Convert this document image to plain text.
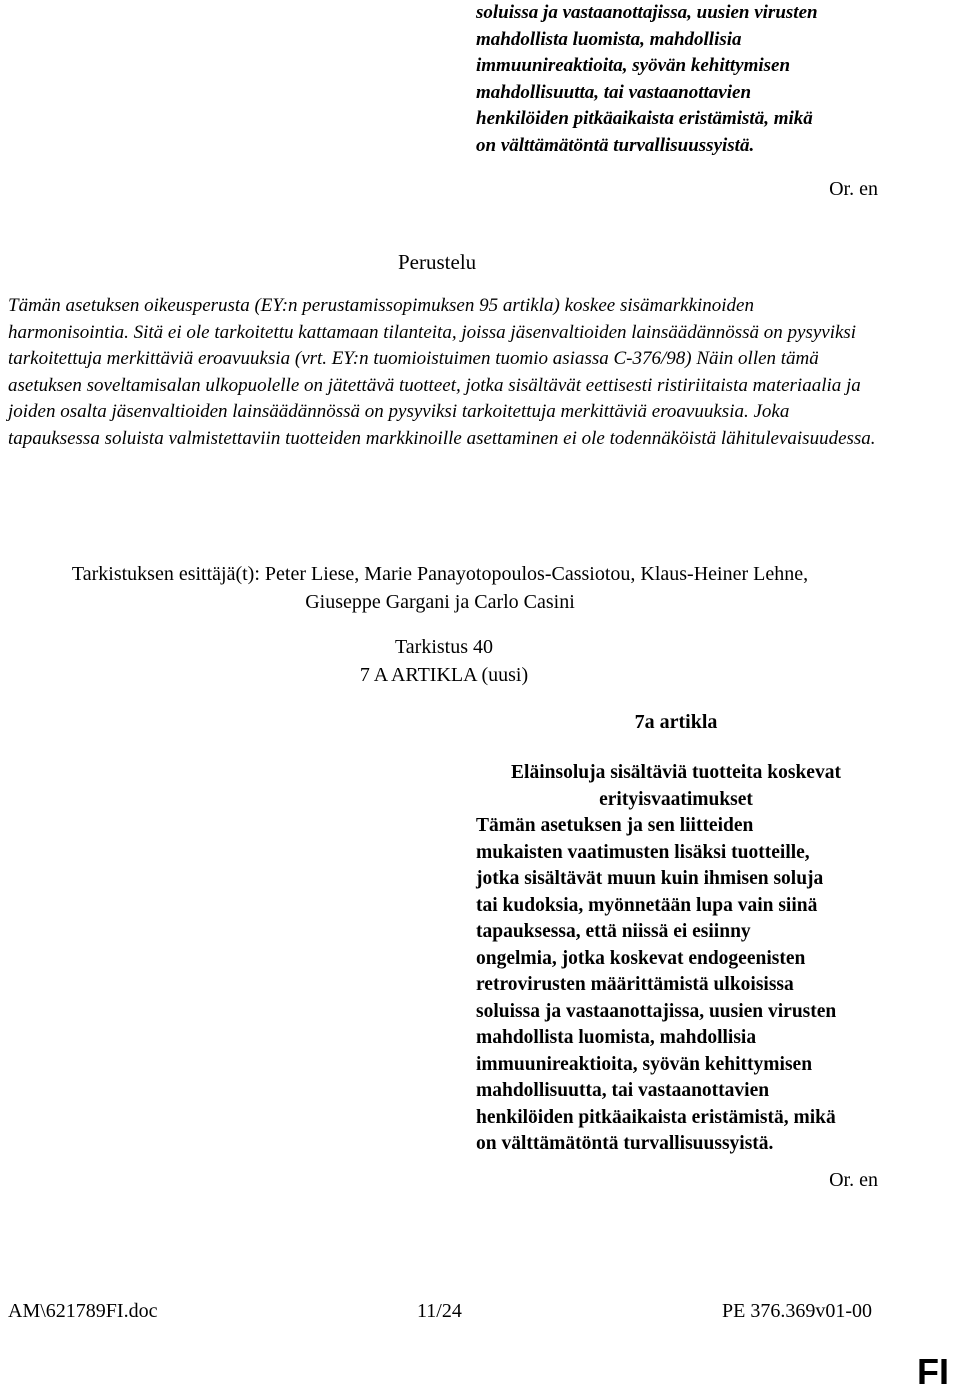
soluissa ja vastaanottajissa, uusien virusten
mahdollista luomista, mahdollisia
immuunireaktioita, syövän kehittymisen
mahdollisuutta, tai vastaanottavien
henkilöiden pitkäaikaista eristämistä, mikä
on välttämätöntä turvallisuussyistä.
Or. en
Perustelu
Tämän asetuksen oikeusperusta (EY:n perustamissopimuksen 95 artikla) koskee sisämarkkinoiden harmonisointia. Sitä ei ole tarkoitettu kattamaan tilanteita, joissa jäsenvaltioiden lainsäädännössä on pysyviksi tarkoitettuja merkittäviä eroavuuksia (vrt. EY:n tuomioistuimen tuomio asiassa C-376/98) Näin ollen tämä asetuksen soveltamisalan ulkopuolelle on jätettävä tuotteet, jotka sisältävät eettisesti ristiriitaista materiaalia ja joiden osalta jäsenvaltioiden lainsäädännössä on pysyviksi tarkoitettuja merkittäviä eroavuuksia. Joka tapauksessa soluista valmistettaviin tuotteiden markkinoille asettaminen ei ole todennäköistä lähitulevaisuudessa.
Tarkistuksen esittäjä(t): Peter Liese, Marie Panayotopoulos-Cassiotou, Klaus-Heiner Lehne,
Giuseppe Gargani ja Carlo Casini
Tarkistus 40
7 A ARTIKLA (uusi)
7a artikla
Eläinsoluja sisältäviä tuotteita koskevat erityisvaatimukset
Tämän asetuksen ja sen liitteiden
mukaisten vaatimusten lisäksi tuotteille,
jotka sisältävät muun kuin ihmisen soluja
tai kudoksia, myönnetään lupa vain siinä
tapauksessa, että niissä ei esiinny
ongelmia, jotka koskevat endogeenisten
retrovirusten määrittämistä ulkoisissa
soluissa ja vastaanottajissa, uusien virusten
mahdollista luomista, mahdollisia
immuunireaktioita, syövän kehittymisen
mahdollisuutta, tai vastaanottavien
henkilöiden pitkäaikaista eristämistä, mikä
on välttämätöntä turvallisuussyistä.
Or. en
AM\621789FI.doc	11/24	PE 376.369v01-00
FI
